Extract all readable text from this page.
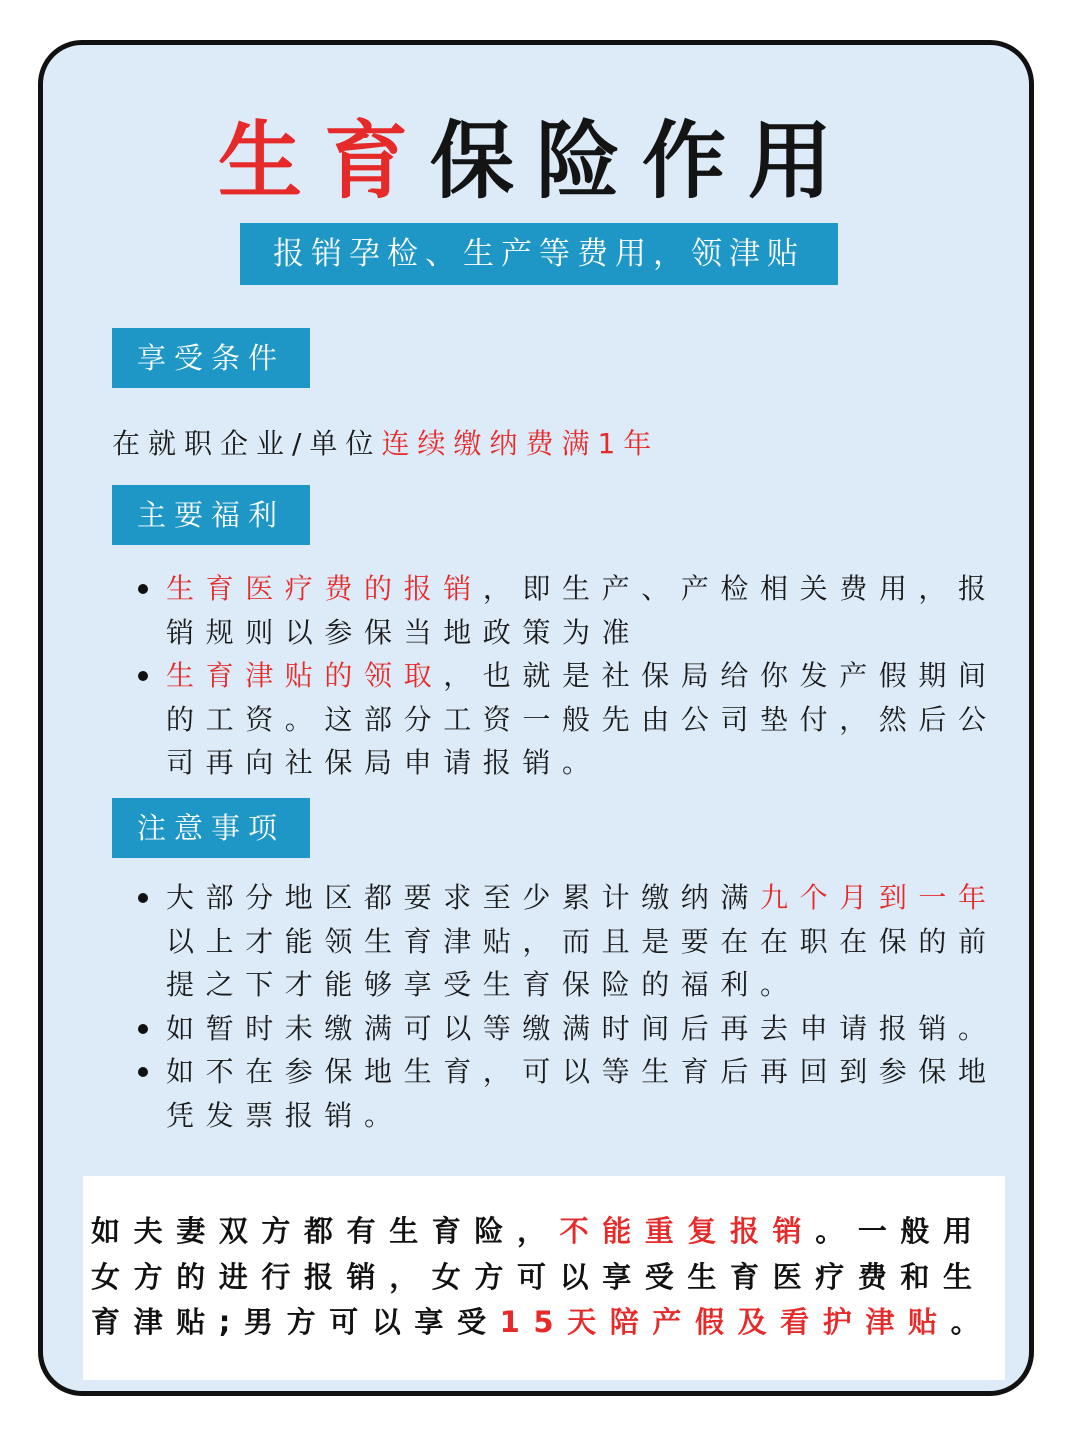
生育保险作用
报销孕检、生产等费用，领津贴
享受条件
在就职企业/单位连续缴纳费满1年
主要福利
生育医疗费的报销，即生产、产检相关费用，报
销规则以参保当地政策为准
生育津贴的领取，也就是社保局给你发产假期间
的工资。这部分工资一般先由公司垫付，然后公
司再向社保局申请报销。
注意事项
大部分地区都要求至少累计缴纳满九个月到一年
以上才能领生育津贴，而且是要在在职在保的前
提之下才能够享受生育保险的福利。
如暂时未缴满可以等缴满时间后再去申请报销。
如不在参保地生育，可以等生育后再回到参保地
凭发票报销。
如夫妻双方都有生育险，不能重复报销。一般用
女方的进行报销，女方可以享受生育医疗费和生
育津贴;男方可以享受15天陪产假及看护津贴。
